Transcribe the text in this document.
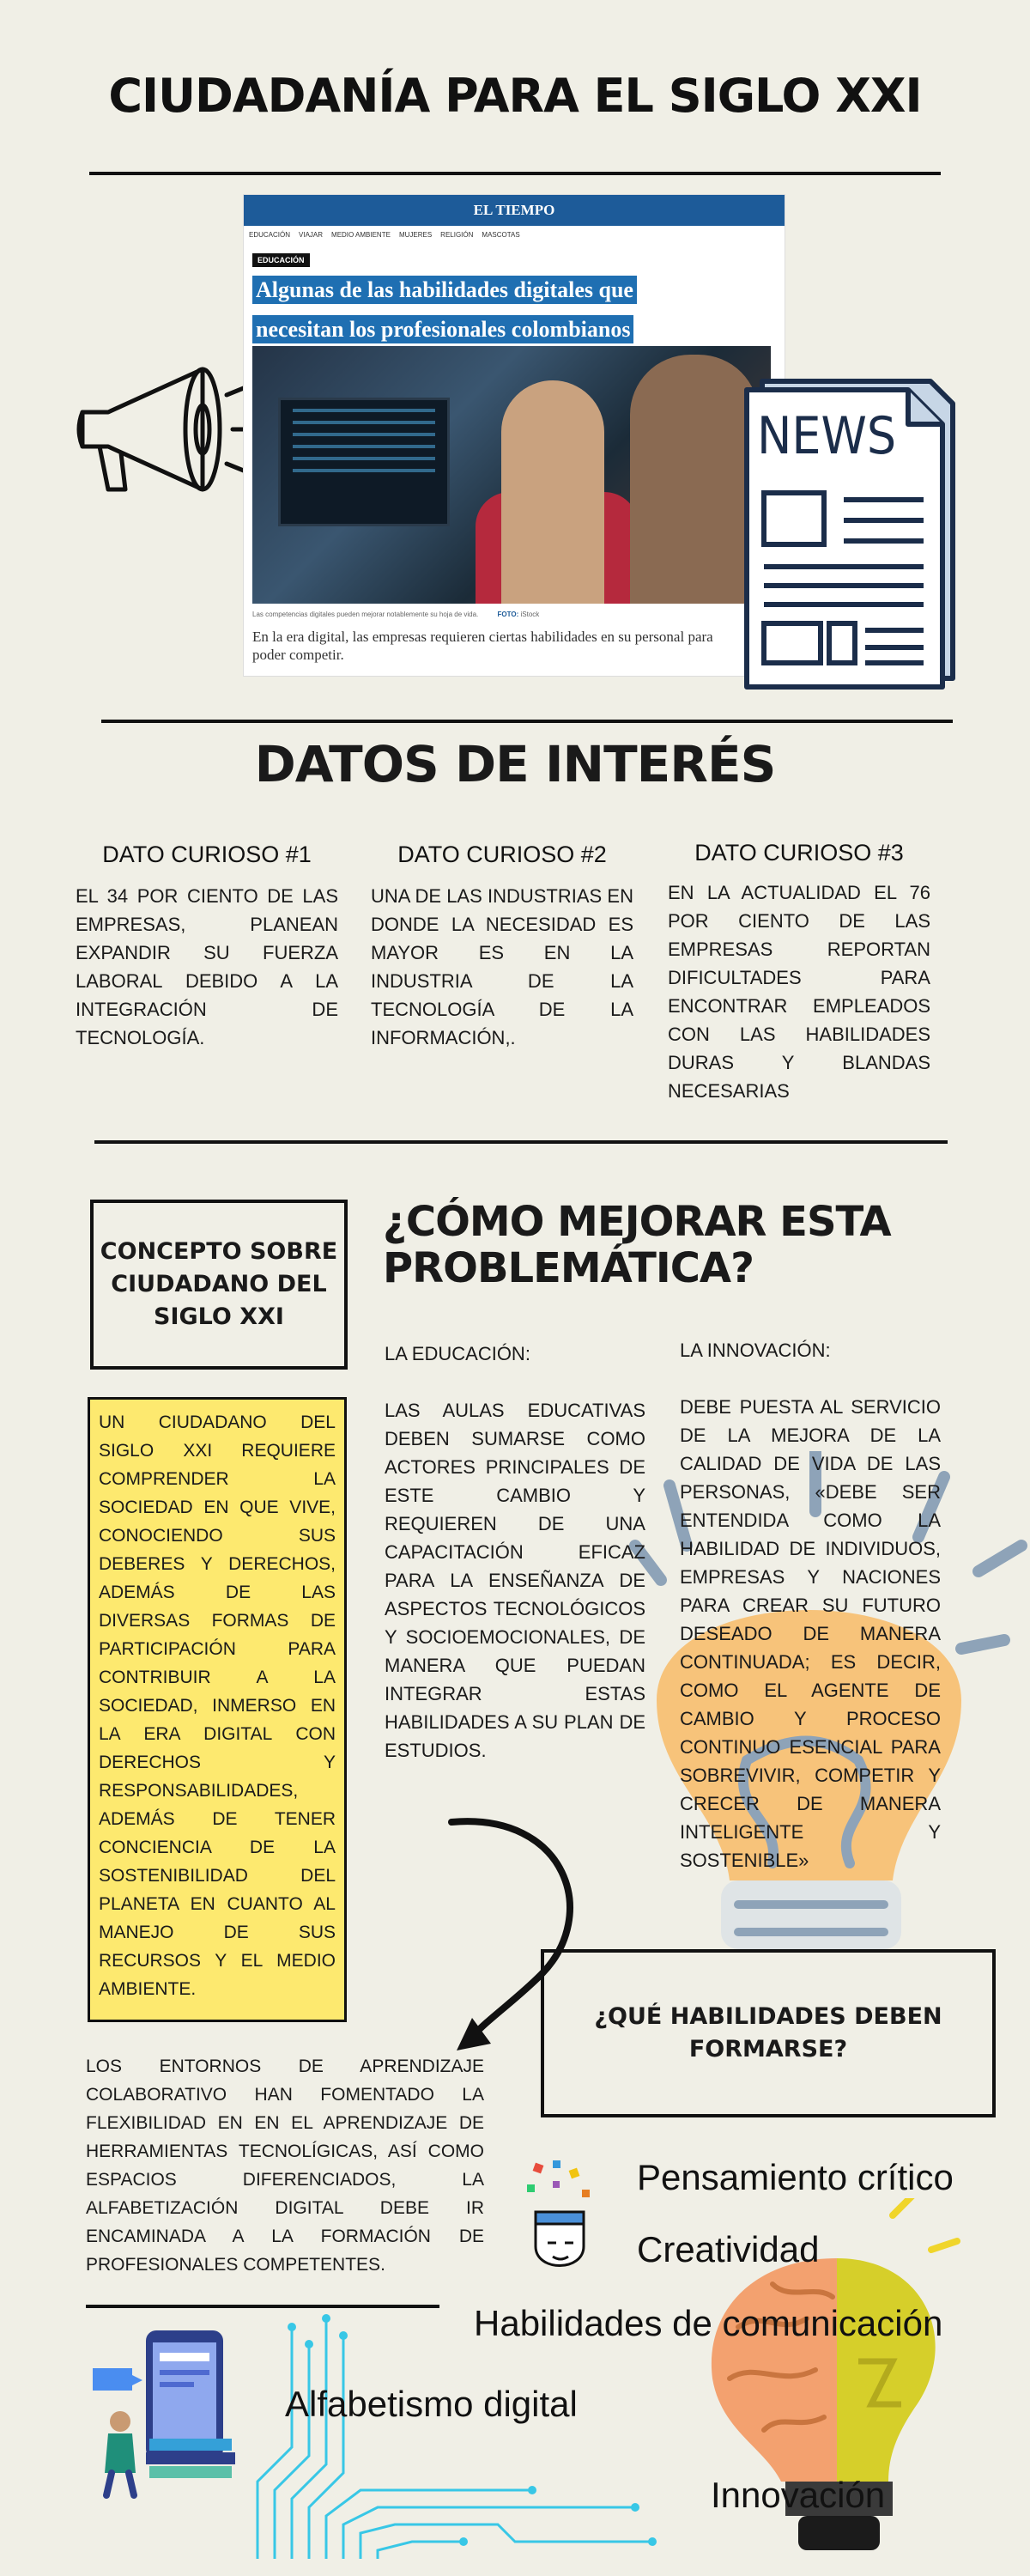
CIUDADANÍA PARA EL SIGLO XXI
EL TIEMPO
EDUCACIÓN VIAJAR MEDIO AMBIENTE MUJERES RELIGIÓN MASCOTAS
EDUCACIÓN
Algunas de las habilidades digitales que
necesitan los profesionales colombianos
Las competencias digitales pueden mejorar notablemente su hoja de vida.	FOTO: iStock
En la era digital, las empresas requieren ciertas habilidades en su personal para poder competir.
NEWS
DATOS DE INTERÉS
DATO CURIOSO #1
EL 34 POR CIENTO DE LAS EMPRESAS, PLANEAN EXPANDIR SU FUERZA LABORAL DEBIDO A LA INTEGRACIÓN DE TECNOLOGÍA.
DATO CURIOSO #2
UNA DE LAS INDUSTRIAS EN DONDE LA NECESIDAD ES MAYOR ES EN LA INDUSTRIA DE LA TECNOLOGÍA DE LA INFORMACIÓN,.
DATO CURIOSO #3
EN LA ACTUALIDAD EL 76 POR CIENTO DE LAS EMPRESAS REPORTAN DIFICULTADES PARA ENCONTRAR EMPLEADOS CON LAS HABILIDADES DURAS Y BLANDAS NECESARIAS
CONCEPTO SOBRE CIUDADANO DEL SIGLO XXI
UN CIUDADANO DEL SIGLO XXI REQUIERE COMPRENDER LA SOCIEDAD EN QUE VIVE, CONOCIENDO SUS DEBERES Y DERECHOS, ADEMÁS DE LAS DIVERSAS FORMAS DE PARTICIPACIÓN PARA CONTRIBUIR A LA SOCIEDAD, INMERSO EN LA ERA DIGITAL CON DERECHOS Y RESPONSABILIDADES, ADEMÁS DE TENER CONCIENCIA DE LA SOSTENIBILIDAD DEL PLANETA EN CUANTO AL MANEJO DE SUS RECURSOS Y EL MEDIO AMBIENTE.
¿CÓMO MEJORAR ESTA
PROBLEMÁTICA?
LA EDUCACIÓN:
LAS AULAS EDUCATIVAS DEBEN SUMARSE COMO ACTORES PRINCIPALES DE ESTE CAMBIO Y REQUIEREN DE UNA CAPACITACIÓN EFICAZ PARA LA ENSEÑANZA DE ASPECTOS TECNOLÓGICOS Y SOCIOEMOCIONALES, DE MANERA QUE PUEDAN INTEGRAR ESTAS HABILIDADES A SU PLAN DE ESTUDIOS.
LA INNOVACIÓN:
DEBE PUESTA AL SERVICIO DE LA MEJORA DE LA CALIDAD DE VIDA DE LAS PERSONAS, «DEBE SER ENTENDIDA COMO LA HABILIDAD DE INDIVIDUOS, EMPRESAS Y NACIONES PARA CREAR SU FUTURO DESEADO DE MANERA CONTINUADA; ES DECIR, COMO EL AGENTE DE CAMBIO Y PROCESO CONTINUO ESENCIAL PARA SOBREVIVIR, COMPETIR Y CRECER DE MANERA INTELIGENTE Y SOSTENIBLE»
¿QUÉ HABILIDADES DEBEN FORMARSE?
LOS ENTORNOS DE APRENDIZAJE COLABORATIVO HAN FOMENTADO LA FLEXIBILIDAD EN EN EL APRENDIZAJE DE HERRAMIENTAS TECNOLÍGICAS, ASÍ COMO ESPACIOS DIFERENCIADOS, LA ALFABETIZACIÓN DIGITAL DEBE IR ENCAMINADA A LA FORMACIÓN DE PROFESIONALES COMPETENTES.
Pensamiento crítico
Creatividad
Habilidades de comunicación
Alfabetismo digital
Innovación
